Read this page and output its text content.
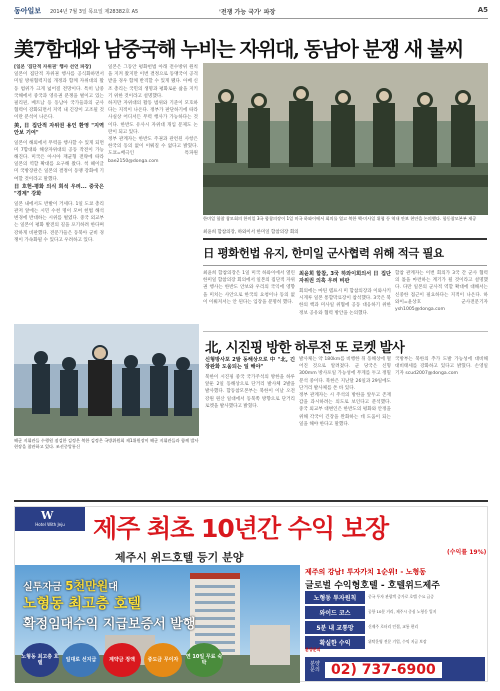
동아일보 2014년 7월 3일 목요일 제28382호 A5	'전쟁 가능 국가' 파장	A5
美7함대와 남중국해 누비는 자위대, 동남아 분쟁 새 불씨

[일본 '집단적 자위권' 행사 선언 파장]

일본이 집단적 자위권 행사를 공식화하면서 미일 방위협력지침 개정과 함께 자위대의 활동 범위가 크게 넓어질 전망이다. 특히 남중국해에서 중국과 영유권 분쟁을 벌이고 있는 필리핀, 베트남 등 동남아 국가들과의 군사 협력이 강화되면서 지역 내 긴장이 고조될 것이란 분석이 나온다.

美, 日 집단적 자위권 용인 환영 "지역 안보 기여"

일본이 해외에서 무력을 행사할 수 있게 되면 미 7함대와 해상자위대의 공동 작전이 가능해진다. 미국은 아시아 재균형 전략에 따라 일본의 역할 확대를 요구해 왔다. 척 헤이글 미 국방장관은 일본의 결정이 동맹 강화에 기여할 것이라고 말했다.

日 호헌-평화 의식 희석 우려... 중국은 "경계" 강화

일본 내에서도 반발이 거세다. 1일 도쿄 총리관저 앞에는 시민 수천 명이 모여 헌법 해석 변경에 반대하는 시위를 벌였다. 중국 외교부는 일본이 평화 발전의 길을 포기하려 한다며 강하게 비판했다. 전문가들은 동북아 군비 경쟁이 가속화될 수 있다고 우려하고 있다.

일본은 그동안 평화헌법 아래 전수방위 원칙을 지켜 왔지만 이번 결정으로 동맹국이 공격받을 경우 함께 반격할 수 있게 됐다. 아베 신조 총리는 국민의 생명과 평화로운 삶을 지키기 위한 것이라고 설명했다.

하지만 자위대의 활동 범위와 기준이 모호하다는 지적이 나온다. 정부가 판단하기에 따라 사실상 어디서든 무력 행사가 가능하다는 것이다. 한반도 유사시 자위대 개입 문제도 논란이 되고 있다.

정부 관계자는 한반도 주권과 관련된 사항은 한국의 동의 없이 이뤄질 수 없다고 밝혔다. 도쿄=배극인 특파원 bae2150@donga.com

한미일 합참 참모회의 한미일 3국 합참의장이 1일 미국 하와이에서 회의를 열고 북한 핵·미사일 위협 등 역내 안보 현안을 논의했다. 합동참모본부 제공
최윤희 합참의장, 하와이서 한미일 합참의장 회의
日 평화헌법 유지, 한미일 군사협력 위해 적극 필요

최윤희 합참의장은 1일 미국 하와이에서 열린 한미일 합참의장 회의에서 일본의 집단적 자위권 행사는 한반도 안보와 우리의 국익에 영향을 미치는 사안으로 한국의 요청이나 동의 없이 이뤄져서는 안 된다는 입장을 분명히 했다.

최윤희 합참, 3국 하와이회의서 日 집단자위권 의혹 우려 비판

회의에는 마틴 뎀프시 미 합참의장과 이와사키 시게루 일본 통합막료장이 참석했다. 3국은 북한의 핵과 미사일 위협에 공동 대응하기 위한 정보 공유와 협력 방안을 논의했다.

합참 관계자는 이번 회의가 3국 간 군사 협력의 틀을 마련하는 계기가 될 것이라고 설명했다. 다만 일본의 군사적 역할 확대에 대해서는 신중한 접근이 필요하다는 지적이 나온다. 하와이=윤상호 군사전문기자 ysh1005@donga.com

해군 지휘관들 수행원 점검한 김정은 북한 김정은 국방위원회 제1위원장이 해군 지휘관들과 함께 발사 현장을 참관하고 있다. 조선중앙통신
北, 시진핑 방한 하루전 또 로켓 발사

신형방사포 2발 동해상으로 中 "北, 긴장완화 도움되는 일 해야"

북한이 시진핑 중국 국가주석의 방한을 하루 앞둔 2일 동해상으로 단거리 발사체 2발을 발사했다. 합동참모본부는 북한이 이날 오전 강원 원산 일대에서 동북쪽 방향으로 단거리 로켓을 발사했다고 밝혔다.

발사체는 약 180km를 비행한 뒤 동해상에 떨어진 것으로 알려졌다. 군 당국은 신형 300mm 방사포일 가능성에 무게를 두고 정밀 분석 중이다. 북한은 지난달 26일과 29일에도 단거리 발사체를 쏜 바 있다.

정부 관계자는 시 주석의 방한을 앞두고 존재감을 과시하려는 의도로 보인다고 분석했다. 중국 외교부 대변인은 한반도의 평화와 안정을 위해 각국이 긴장을 완화하는 데 도움이 되는 일을 해야 한다고 말했다.

국방부는 북한의 추가 도발 가능성에 대비해 대비태세를 강화하고 있다고 밝혔다. 손영일 기자 scud2007@donga.com

W
Hotel With Jeju	제주 최초 10년간 수익 보장
제주시 위드호텔 등기 분양
실투자금 5천만원대
노형동 최고층 호텔
확정임대수익 지급보증서 발행
노형동 최고층 호텔	일대로 선지급	계약금 정액	중도금 무이자	연 10일 무료 숙박
제주의 강남! 투자가치 1순위! - 노형동
글로벌 수익형호텔 - 호텔위드제주
(수익률 19%)
노형동 투자원칙	중국 투자 관광객 증가로 호텔 수요 급증
와이드 코스	공항 10분 거리, 제주시 중심 노형동 입지
5분 내 교통망	신제주 로터리 인접, 교통 편리
확실한 수익	위탁운영 전문 기업, 수익 지급 보장
분양문의
분양 문의 02) 737-6900
